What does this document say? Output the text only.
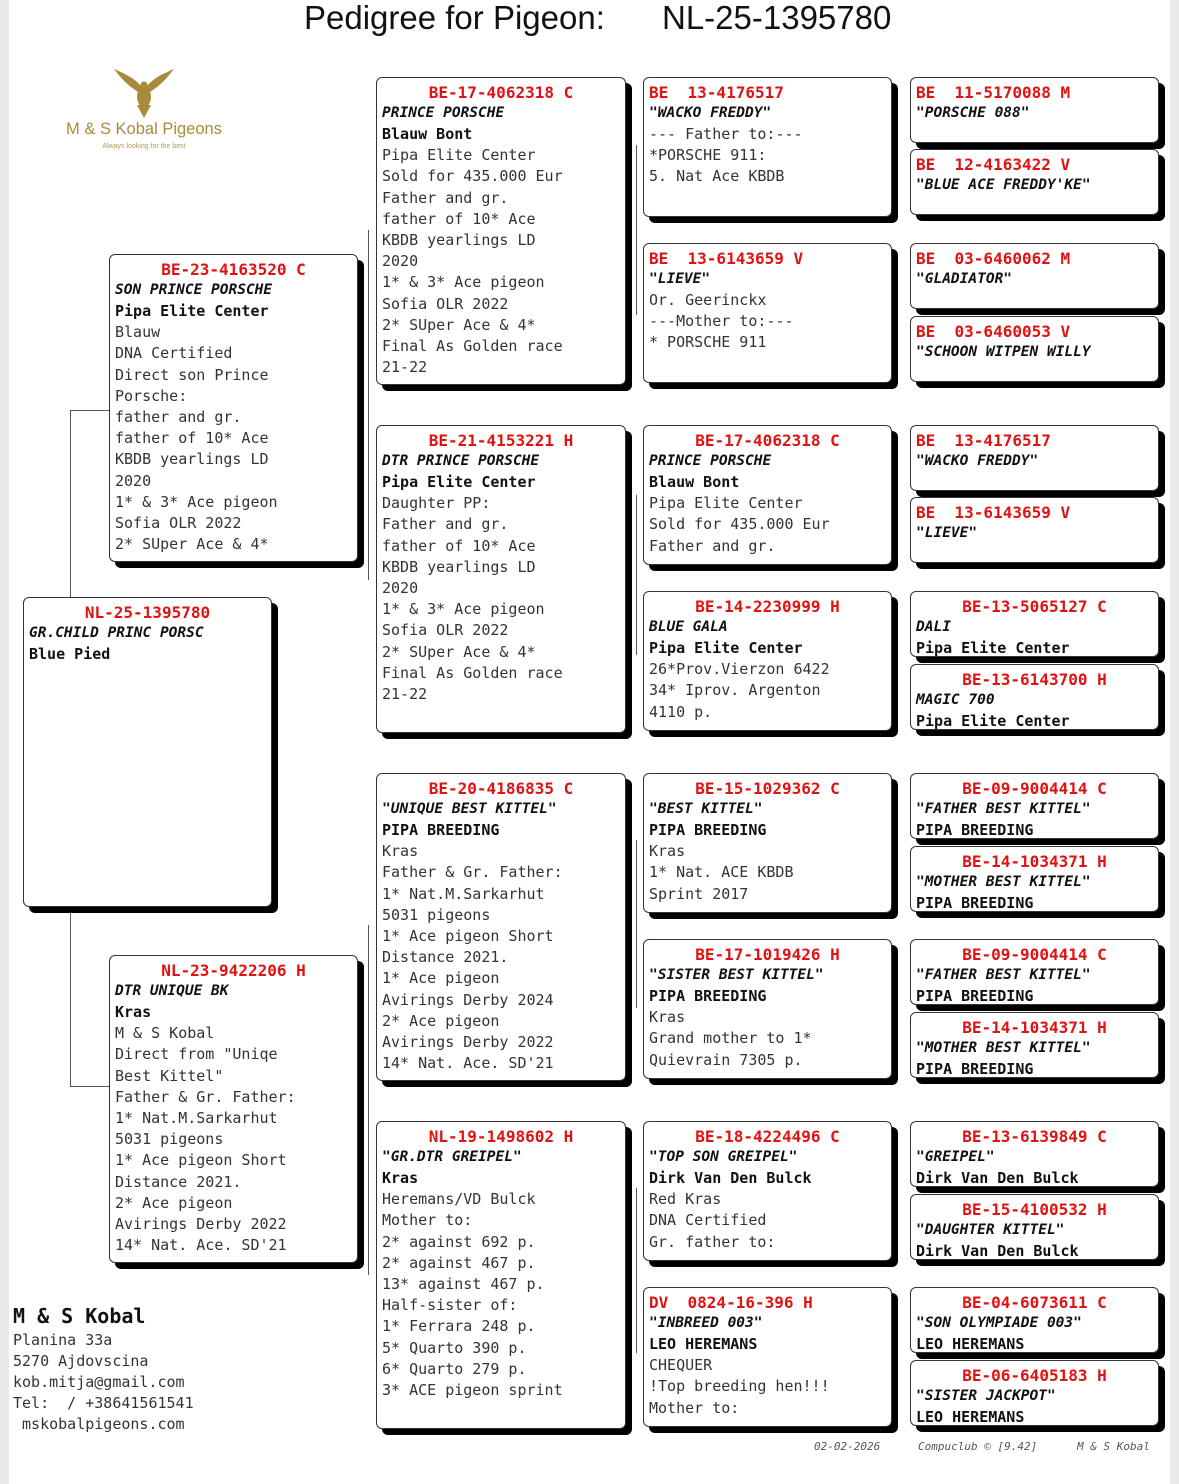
Pedigree for Pigeon: NL-25-1395780
M & S Kobal Pigeons
Always looking for the best
NL-25-1395780
GR.CHILD PRINC PORSC
Blue Pied
BE-23-4163520 C
SON PRINCE PORSCHE
Pipa Elite Center
Blauw
DNA Certified
Direct son Prince
Porsche:
father and gr.
father of 10* Ace
KBDB yearlings LD
2020
1* & 3* Ace pigeon
Sofia OLR 2022
2* SUper Ace & 4*
NL-23-9422206 H
DTR UNIQUE BK
Kras
M & S Kobal
Direct from "Uniqe
Best Kittel"
Father & Gr. Father:
1* Nat.M.Sarkarhut
5031 pigeons
1* Ace pigeon Short
Distance 2021.
2* Ace pigeon
Avirings Derby 2022
14* Nat. Ace. SD'21
BE-17-4062318 C
PRINCE PORSCHE
Blauw Bont
Pipa Elite Center
Sold for 435.000 Eur
Father and gr.
father of 10* Ace
KBDB yearlings LD
2020
1* & 3* Ace pigeon
Sofia OLR 2022
2* SUper Ace & 4*
Final As Golden race
21-22
BE-21-4153221 H
DTR PRINCE PORSCHE
Pipa Elite Center
Daughter PP:
Father and gr.
father of 10* Ace
KBDB yearlings LD
2020
1* & 3* Ace pigeon
Sofia OLR 2022
2* SUper Ace & 4*
Final As Golden race
21-22
BE-20-4186835 C
"UNIQUE BEST KITTEL"
PIPA BREEDING
Kras
Father & Gr. Father:
1* Nat.M.Sarkarhut
5031 pigeons
1* Ace pigeon Short
Distance 2021.
1* Ace pigeon
Avirings Derby 2024
2* Ace pigeon
Avirings Derby 2022
14* Nat. Ace. SD'21
NL-19-1498602 H
"GR.DTR GREIPEL"
Kras
Heremans/VD Bulck
Mother to:
2* against 692 p.
2* against 467 p.
13* against 467 p.
Half-sister of:
1* Ferrara 248 p.
5* Quarto 390 p.
6* Quarto 279 p.
3* ACE pigeon sprint
BE  13-4176517
"WACKO FREDDY"
--- Father to:---
*PORSCHE 911:
5. Nat Ace KBDB
BE  13-6143659 V
"LIEVE"
Or. Geerinckx
---Mother to:---
* PORSCHE 911
BE-17-4062318 C
PRINCE PORSCHE
Blauw Bont
Pipa Elite Center
Sold for 435.000 Eur
Father and gr.
BE-14-2230999 H
BLUE GALA
Pipa Elite Center
26*Prov.Vierzon 6422
34* Iprov. Argenton
4110 p.
BE-15-1029362 C
"BEST KITTEL"
PIPA BREEDING
Kras
1* Nat. ACE KBDB
Sprint 2017
BE-17-1019426 H
"SISTER BEST KITTEL"
PIPA BREEDING
Kras
Grand mother to 1*
Quievrain 7305 p.
BE-18-4224496 C
"TOP SON GREIPEL"
Dirk Van Den Bulck
Red Kras
DNA Certified
Gr. father to:
DV  0824-16-396 H
"INBREED 003"
LEO HEREMANS
CHEQUER
!Top breeding hen!!!
Mother to:
BE  11-5170088 M
"PORSCHE 088"
BE  12-4163422 V
"BLUE ACE FREDDY'KE"
BE  03-6460062 M
"GLADIATOR"
BE  03-6460053 V
"SCHOON WITPEN WILLY
BE  13-4176517
"WACKO FREDDY"
BE  13-6143659 V
"LIEVE"
BE-13-5065127 C
DALI
Pipa Elite Center
BE-13-6143700 H
MAGIC 700
Pipa Elite Center
BE-09-9004414 C
"FATHER BEST KITTEL"
PIPA BREEDING
BE-14-1034371 H
"MOTHER BEST KITTEL"
PIPA BREEDING
BE-09-9004414 C
"FATHER BEST KITTEL"
PIPA BREEDING
BE-14-1034371 H
"MOTHER BEST KITTEL"
PIPA BREEDING
BE-13-6139849 C
"GREIPEL"
Dirk Van Den Bulck
BE-15-4100532 H
"DAUGHTER KITTEL"
Dirk Van Den Bulck
BE-04-6073611 C
"SON OLYMPIADE 003"
LEO HEREMANS
BE-06-6405183 H
"SISTER JACKPOT"
LEO HEREMANS
M & S Kobal
Planina 33a
5270 Ajdovscina
kob.mitja@gmail.com
Tel:  / +38641561541
mskobalpigeons.com
02-02-2026	Compuclub © [9.42]	M & S Kobal
